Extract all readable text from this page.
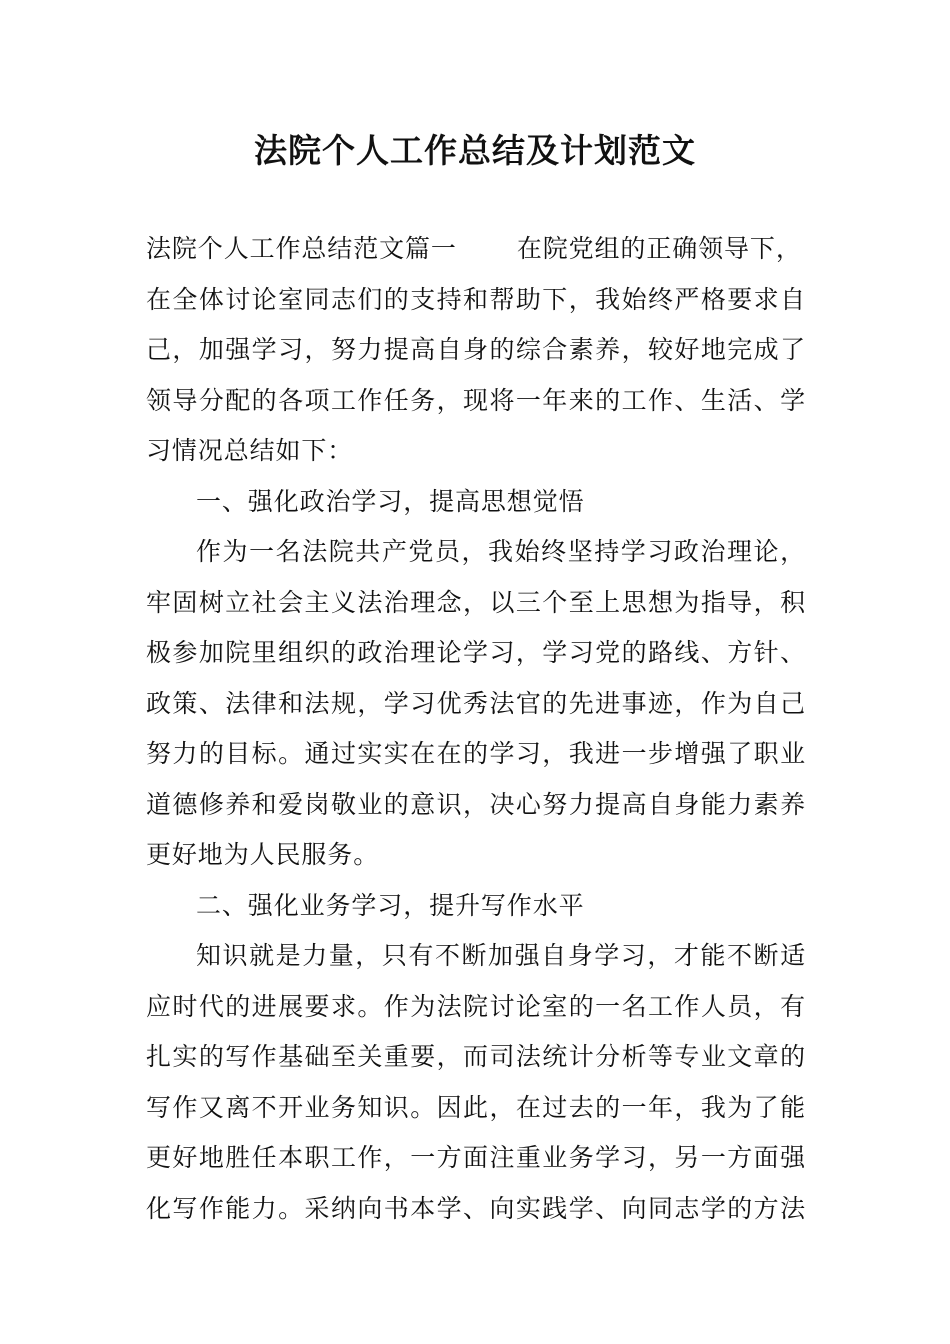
法院个人工作总结及计划范文
法院个人工作总结范文篇一 在院党组的正确领导下，
在全体讨论室同志们的支持和帮助下，我始终严格要求自
己，加强学习，努力提高自身的综合素养，较好地完成了
领导分配的各项工作任务，现将一年来的工作、生活、学
习情况总结如下：
一、强化政治学习，提高思想觉悟
作为一名法院共产党员，我始终坚持学习政治理论，
牢固树立社会主义法治理念，以三个至上思想为指导，积
极参加院里组织的政治理论学习，学习党的路线、方针、
政策、法律和法规，学习优秀法官的先进事迹，作为自己
努力的目标。通过实实在在的学习，我进一步增强了职业
道德修养和爱岗敬业的意识，决心努力提高自身能力素养
更好地为人民服务。
二、强化业务学习，提升写作水平
知识就是力量，只有不断加强自身学习，才能不断适
应时代的进展要求。作为法院讨论室的一名工作人员，有
扎实的写作基础至关重要，而司法统计分析等专业文章的
写作又离不开业务知识。因此，在过去的一年，我为了能
更好地胜任本职工作，一方面注重业务学习，另一方面强
化写作能力。采纳向书本学、向实践学、向同志学的方法
